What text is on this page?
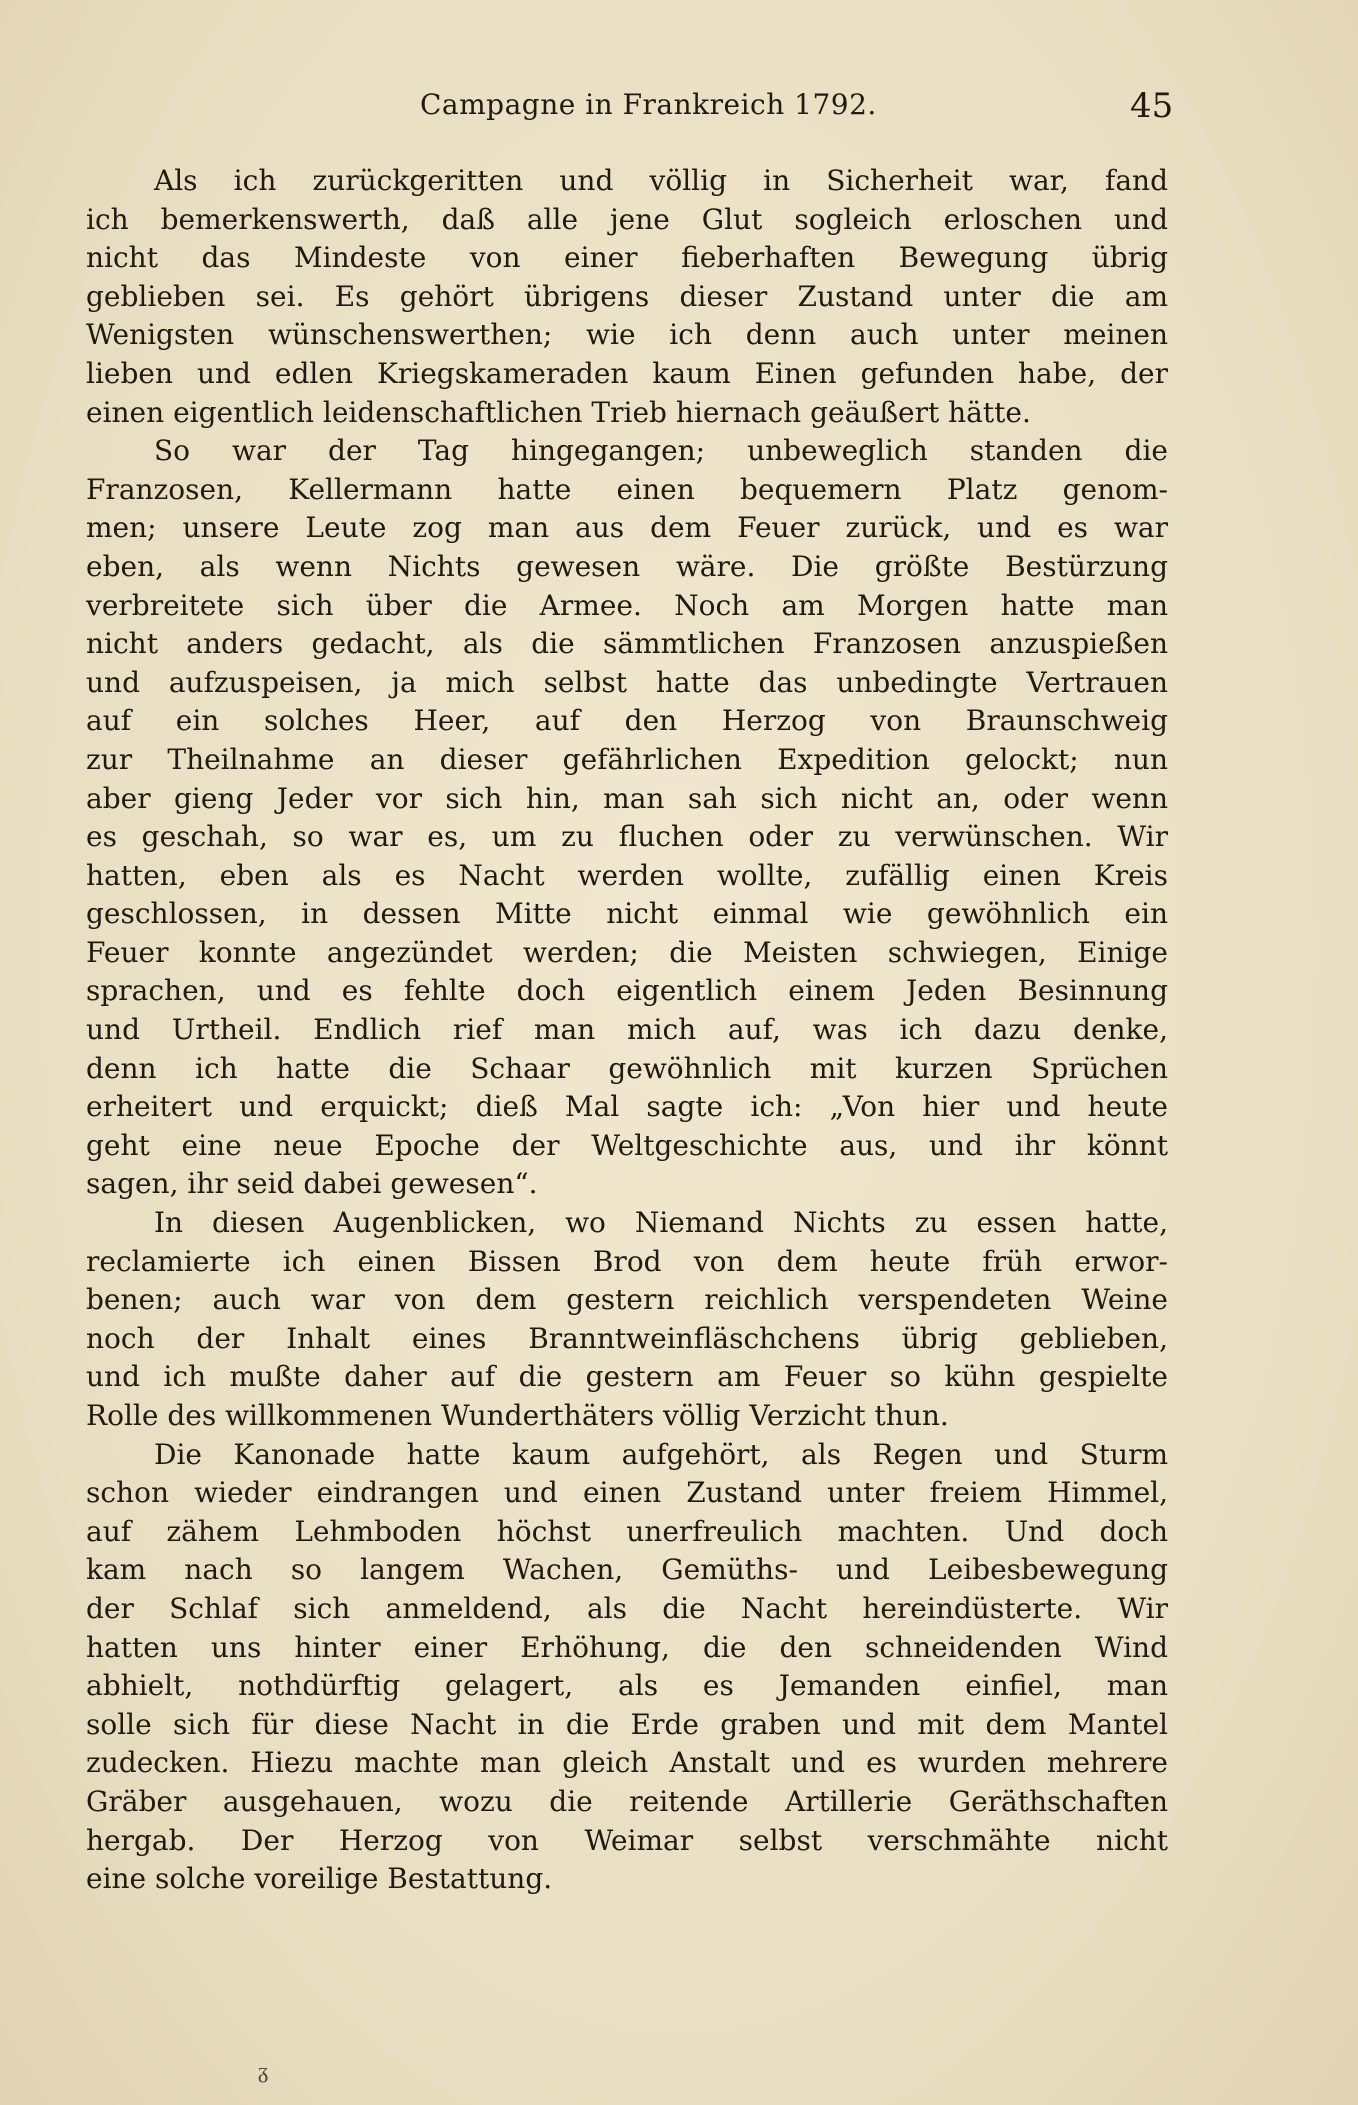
Campagne in Frankreich 1792.	45

Als ich zurückgeritten und völlig in Sicherheit war, fand
ich bemerkenswerth, daß alle jene Glut sogleich erloschen und
nicht das Mindeste von einer fieberhaften Bewegung übrig
geblieben sei. Es gehört übrigens dieser Zustand unter die am
Wenigsten wünschenswerthen; wie ich denn auch unter meinen
lieben und edlen Kriegskameraden kaum Einen gefunden habe, der
einen eigentlich leidenschaftlichen Trieb hiernach geäußert hätte.

So war der Tag hingegangen; unbeweglich standen die
Franzosen, Kellermann hatte einen bequemern Platz genom-
men; unsere Leute zog man aus dem Feuer zurück, und es war
eben, als wenn Nichts gewesen wäre. Die größte Bestürzung
verbreitete sich über die Armee. Noch am Morgen hatte man
nicht anders gedacht, als die sämmtlichen Franzosen anzuspießen
und aufzuspeisen, ja mich selbst hatte das unbedingte Vertrauen
auf ein solches Heer, auf den Herzog von Braunschweig
zur Theilnahme an dieser gefährlichen Expedition gelockt; nun
aber gieng Jeder vor sich hin, man sah sich nicht an, oder wenn
es geschah, so war es, um zu fluchen oder zu verwünschen. Wir
hatten, eben als es Nacht werden wollte, zufällig einen Kreis
geschlossen, in dessen Mitte nicht einmal wie gewöhnlich ein
Feuer konnte angezündet werden; die Meisten schwiegen, Einige
sprachen, und es fehlte doch eigentlich einem Jeden Besinnung
und Urtheil. Endlich rief man mich auf, was ich dazu denke,
denn ich hatte die Schaar gewöhnlich mit kurzen Sprüchen
erheitert und erquickt; dieß Mal sagte ich: „Von hier und heute
geht eine neue Epoche der Weltgeschichte aus, und ihr könnt
sagen, ihr seid dabei gewesen“.

In diesen Augenblicken, wo Niemand Nichts zu essen hatte,
reclamierte ich einen Bissen Brod von dem heute früh erwor-
benen; auch war von dem gestern reichlich verspendeten Weine
noch der Inhalt eines Branntweinfläschchens übrig geblieben,
und ich mußte daher auf die gestern am Feuer so kühn gespielte
Rolle des willkommenen Wunderthäters völlig Verzicht thun.

Die Kanonade hatte kaum aufgehört, als Regen und Sturm
schon wieder eindrangen und einen Zustand unter freiem Himmel,
auf zähem Lehmboden höchst unerfreulich machten. Und doch
kam nach so langem Wachen, Gemüths- und Leibesbewegung
der Schlaf sich anmeldend, als die Nacht hereindüsterte. Wir
hatten uns hinter einer Erhöhung, die den schneidenden Wind
abhielt, nothdürftig gelagert, als es Jemanden einfiel, man
solle sich für diese Nacht in die Erde graben und mit dem Mantel
zudecken. Hiezu machte man gleich Anstalt und es wurden mehrere
Gräber ausgehauen, wozu die reitende Artillerie Geräthschaften
hergab. Der Herzog von Weimar selbst verschmähte nicht
eine solche voreilige Bestattung.

ᵹ
